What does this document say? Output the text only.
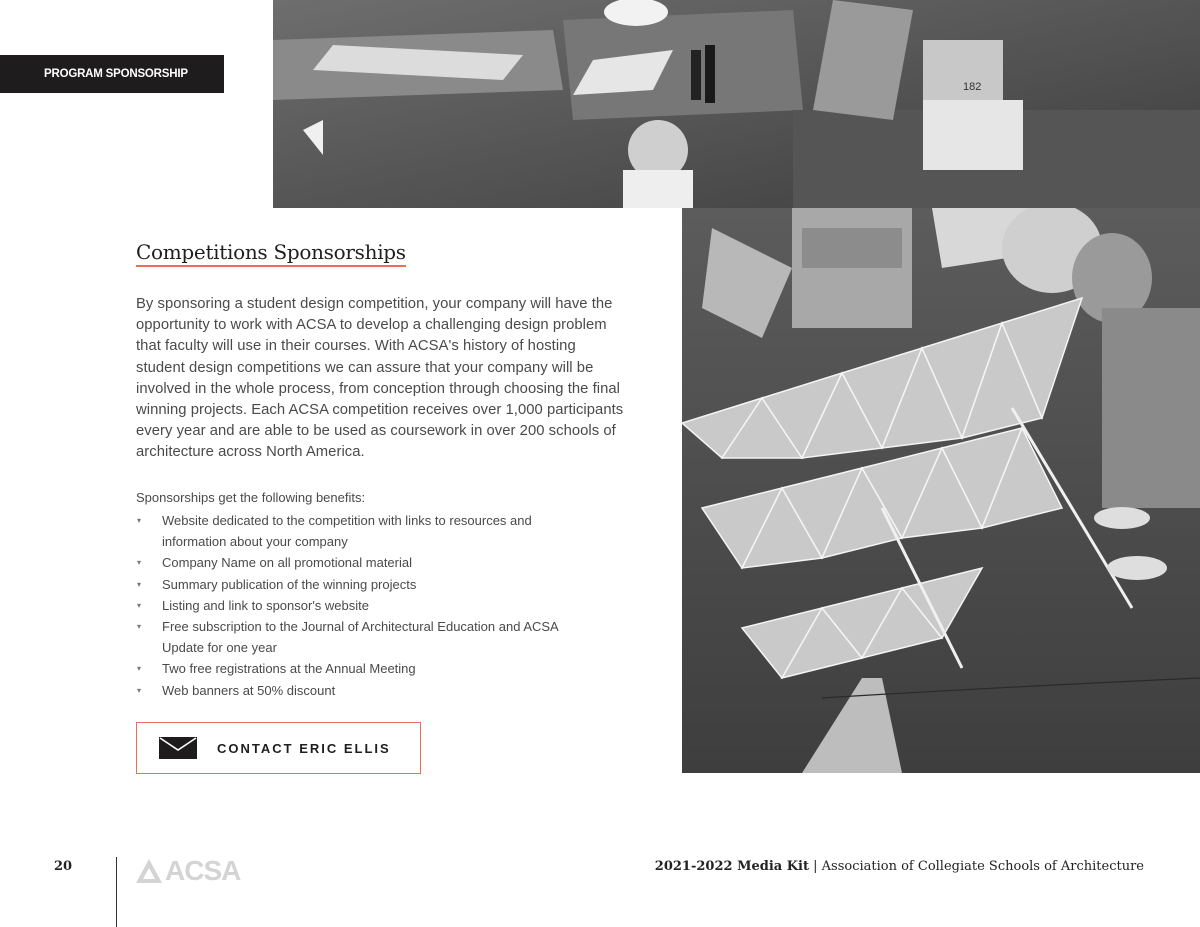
182
PROGRAM SPONSORSHIP
Competitions Sponsorships

By sponsoring a student design competition, your company will have the opportunity to work with ACSA to develop a challenging design problem that faculty will use in their courses. With ACSA's history of hosting student design competitions we can assure that your company will be involved in the whole process, from conception through choosing the final winning projects. Each ACSA competition receives over 1,000 participants every year and are able to be used as coursework in over 200 schools of architecture across North America.

Sponsorships get the following benefits:

▾ Website dedicated to the competition with links to resources and information about your company
▾ Company Name on all promotional material
▾ Summary publication of the winning projects
▾ Listing and link to sponsor's website
▾ Free subscription to the Journal of Architectural Education and ACSA Update for one year
▾ Two free registrations at the Annual Meeting
▾ Web banners at 50% discount
CONTACT ERIC ELLIS
20	ACSA	2021-2022 Media Kit | Association of Collegiate Schools of Architecture
